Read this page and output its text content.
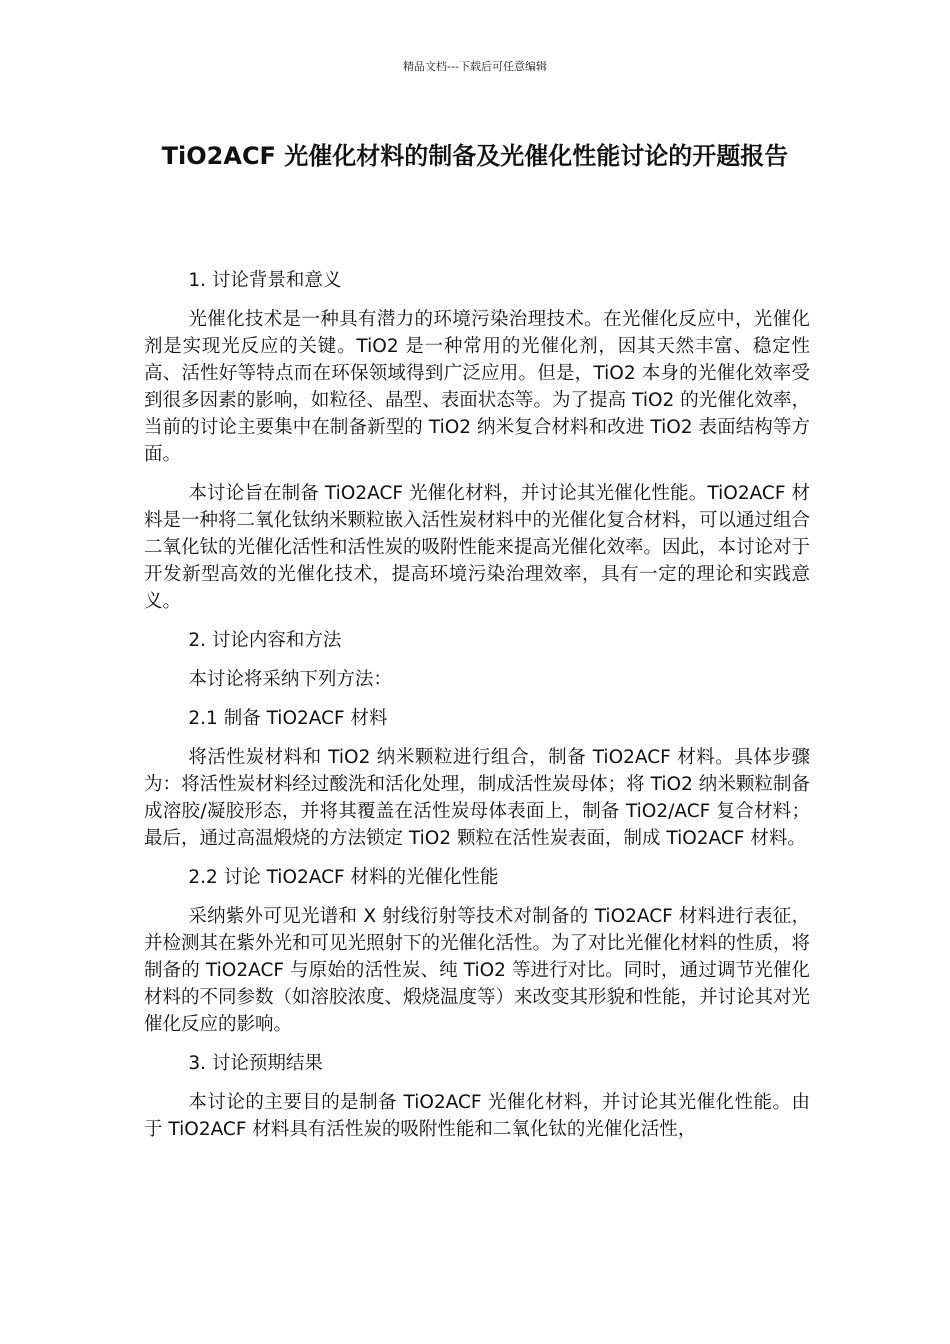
精品文档---下载后可任意编辑
TiO2ACF 光催化材料的制备及光催化性能讨论的开题报告

1. 讨论背景和意义

光催化技术是一种具有潜力的环境污染治理技术。在光催化反应中，光催化剂是实现光反应的关键。TiO2 是一种常用的光催化剂，因其天然丰富、稳定性高、活性好等特点而在环保领域得到广泛应用。但是，TiO2 本身的光催化效率受到很多因素的影响，如粒径、晶型、表面状态等。为了提高 TiO2 的光催化效率，当前的讨论主要集中在制备新型的 TiO2 纳米复合材料和改进 TiO2 表面结构等方面。

本讨论旨在制备 TiO2ACF 光催化材料，并讨论其光催化性能。TiO2ACF 材料是一种将二氧化钛纳米颗粒嵌入活性炭材料中的光催化复合材料，可以通过组合二氧化钛的光催化活性和活性炭的吸附性能来提高光催化效率。因此，本讨论对于开发新型高效的光催化技术，提高环境污染治理效率，具有一定的理论和实践意义。

2. 讨论内容和方法

本讨论将采纳下列方法：

2.1 制备 TiO2ACF 材料

将活性炭材料和 TiO2 纳米颗粒进行组合，制备 TiO2ACF 材料。具体步骤为：将活性炭材料经过酸洗和活化处理，制成活性炭母体；将 TiO2 纳米颗粒制备成溶胶/凝胶形态，并将其覆盖在活性炭母体表面上，制备 TiO2/ACF 复合材料；最后，通过高温煅烧的方法锁定 TiO2 颗粒在活性炭表面，制成 TiO2ACF 材料。

2.2 讨论 TiO2ACF 材料的光催化性能

采纳紫外可见光谱和 X 射线衍射等技术对制备的 TiO2ACF 材料进行表征，并检测其在紫外光和可见光照射下的光催化活性。为了对比光催化材料的性质，将制备的 TiO2ACF 与原始的活性炭、纯 TiO2 等进行对比。同时，通过调节光催化材料的不同参数（如溶胶浓度、煅烧温度等）来改变其形貌和性能，并讨论其对光催化反应的影响。

3. 讨论预期结果

本讨论的主要目的是制备 TiO2ACF 光催化材料，并讨论其光催化性能。由于 TiO2ACF 材料具有活性炭的吸附性能和二氧化钛的光催化活性，
